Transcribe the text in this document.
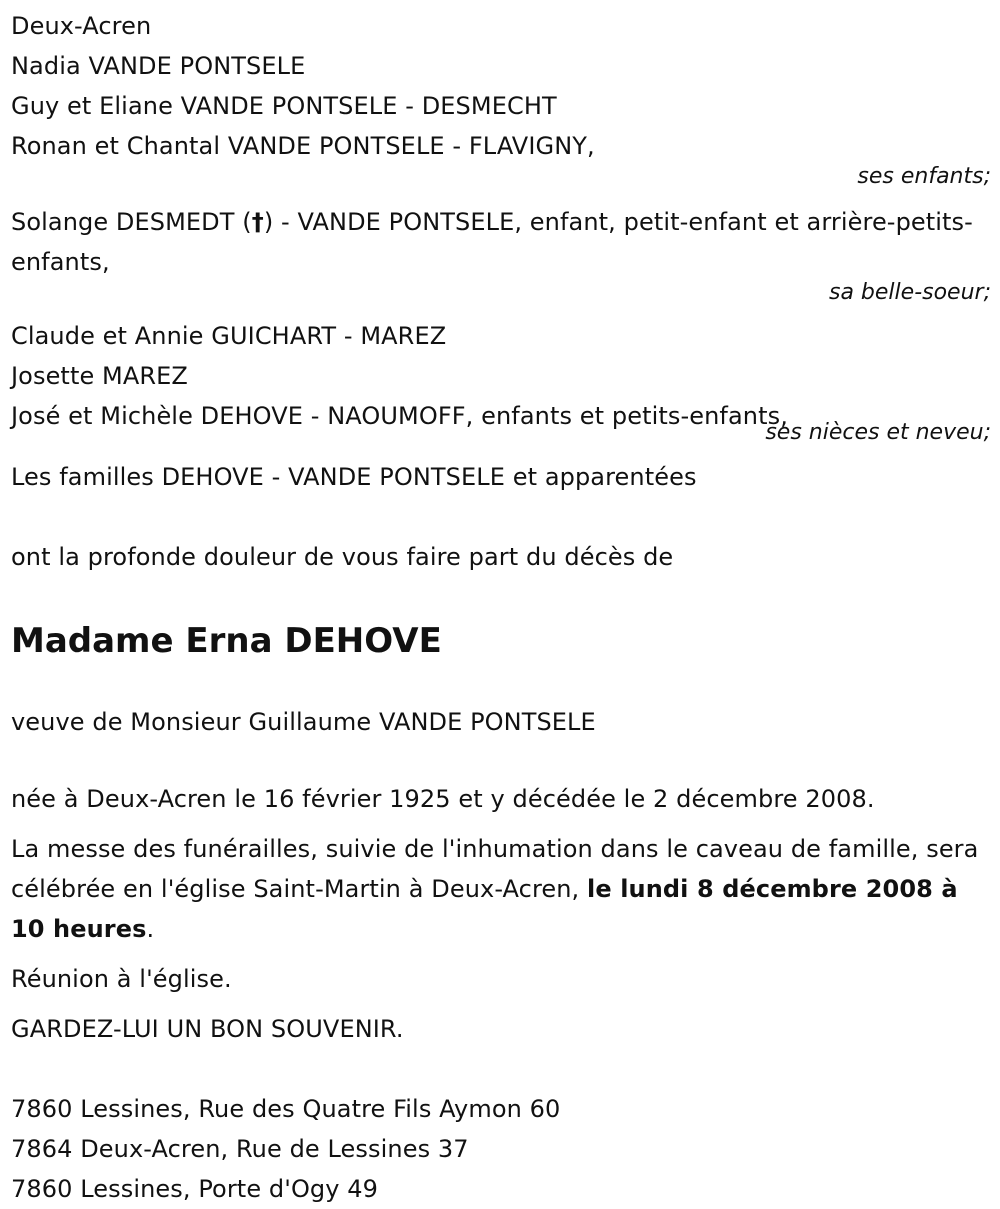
Deux-Acren
Nadia VANDE PONTSELE
Guy et Eliane VANDE PONTSELE - DESMECHT
Ronan et Chantal VANDE PONTSELE - FLAVIGNY,
ses enfants;
Solange DESMEDT (†) - VANDE PONTSELE, enfant, petit-enfant et arrière-petits-enfants,
sa belle-soeur;
Claude et Annie GUICHART - MAREZ
Josette MAREZ
José et Michèle DEHOVE - NAOUMOFF, enfants et petits-enfants,
ses nièces et neveu;
Les familles DEHOVE - VANDE PONTSELE et apparentées
ont la profonde douleur de vous faire part du décès de
Madame Erna DEHOVE
veuve de Monsieur Guillaume VANDE PONTSELE
née à Deux-Acren le 16 février 1925 et y décédée le 2 décembre 2008.
La messe des funérailles, suivie de l'inhumation dans le caveau de famille, sera célébrée en l'église Saint-Martin à Deux-Acren, le lundi 8 décembre 2008 à 10 heures.
Réunion à l'église.
GARDEZ-LUI UN BON SOUVENIR.
7860 Lessines, Rue des Quatre Fils Aymon 60
7864 Deux-Acren, Rue de Lessines 37
7860 Lessines, Porte d'Ogy 49
